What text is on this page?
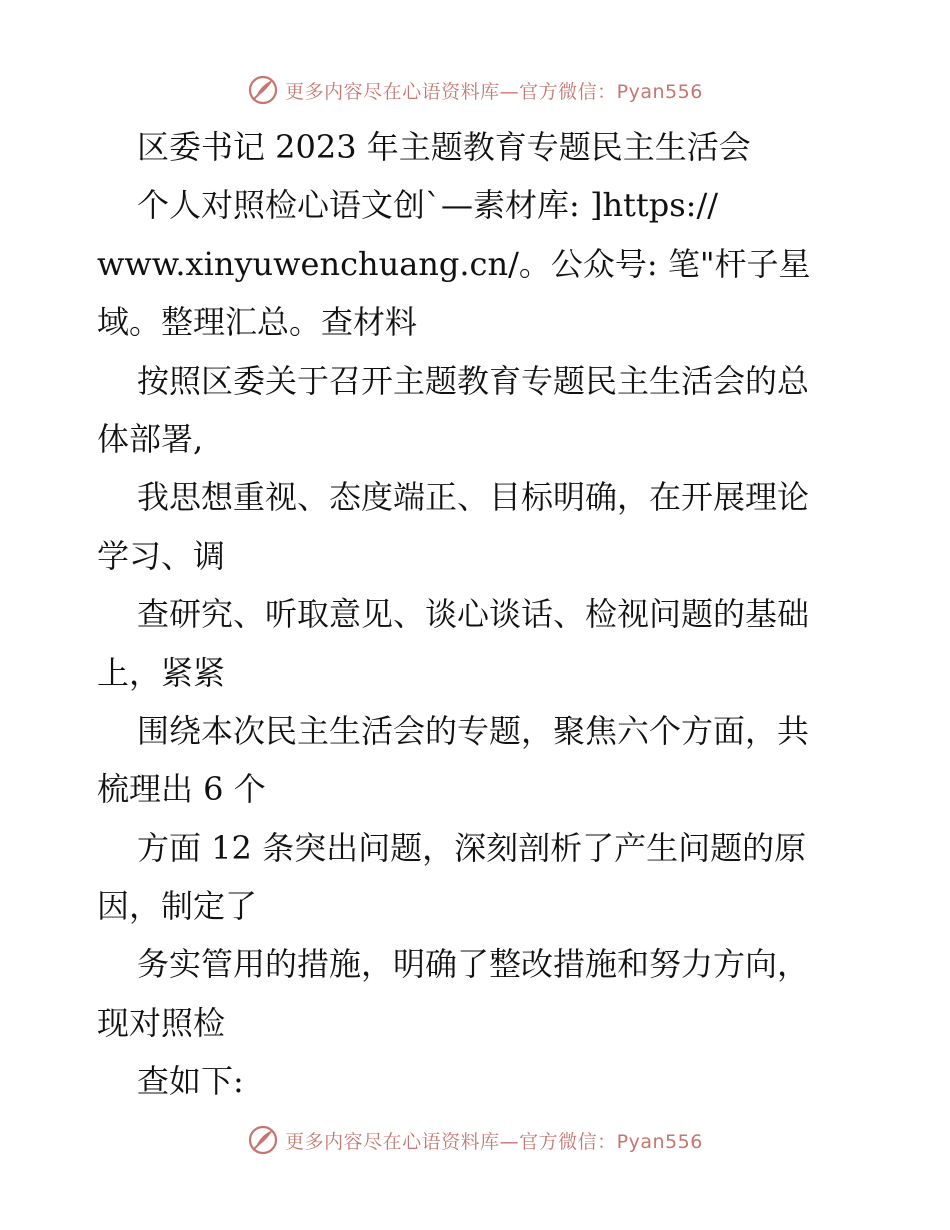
更多内容尽在心语资料库—官方微信：Pyan556
区委书记 2023 年主题教育专题民主生活会
个人对照检心语文创`—素材库: ]https://
www.xinyuwenchuang.cn/。公众号: 笔"杆子星
域。整理汇总。查材料
按照区委关于召开主题教育专题民主生活会的总
体部署,
我思想重视、态度端正、目标明确，在开展理论
学习、调
查研究、听取意见、谈心谈话、检视问题的基础
上，紧紧
围绕本次民主生活会的专题，聚焦六个方面，共
梳理出 6 个
方面 12 条突出问题，深刻剖析了产生问题的原
因，制定了
务实管用的措施，明确了整改措施和努力方向，
现对照检
查如下:
更多内容尽在心语资料库—官方微信：Pyan556
